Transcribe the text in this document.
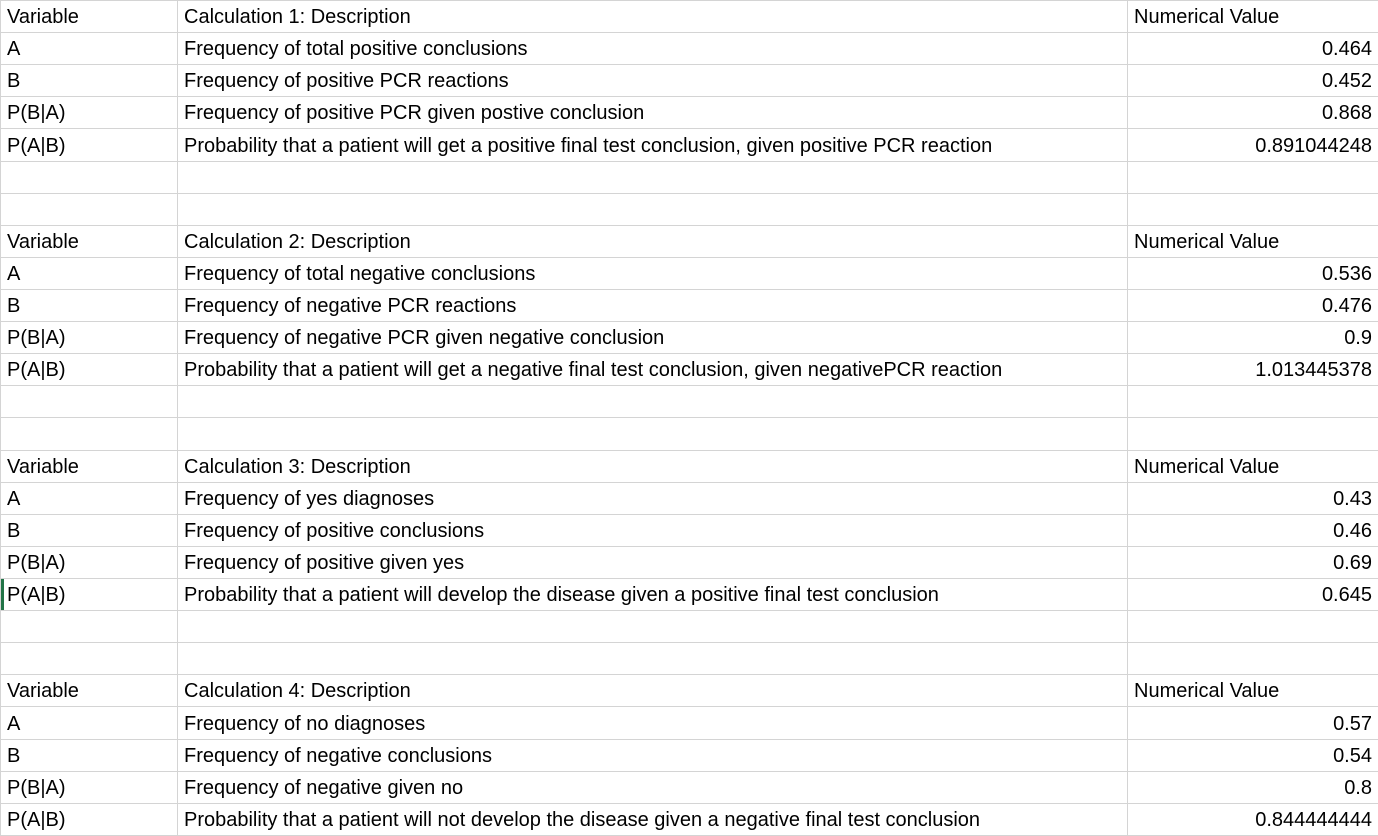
Variable	Calculation 1: Description	Numerical Value
A	Frequency of total positive conclusions	0.464
B	Frequency of positive PCR reactions	0.452
P(B|A)	Frequency of positive PCR given postive conclusion	0.868
P(A|B)	Probability that a patient will get a positive final test conclusion, given positive PCR reaction	0.891044248

Variable	Calculation 2: Description	Numerical Value
A	Frequency of total negative conclusions	0.536
B	Frequency of negative PCR reactions	0.476
P(B|A)	Frequency of negative PCR given negative conclusion	0.9
P(A|B)	Probability that a patient will get a negative final test conclusion, given negativePCR reaction	1.013445378

Variable	Calculation 3: Description	Numerical Value
A	Frequency of yes diagnoses	0.43
B	Frequency of positive conclusions	0.46
P(B|A)	Frequency of positive given yes	0.69
P(A|B)	Probability that a patient will develop the disease given a positive final test conclusion	0.645

Variable	Calculation 4: Description	Numerical Value
A	Frequency of no diagnoses	0.57
B	Frequency of negative conclusions	0.54
P(B|A)	Frequency of negative given no	0.8
P(A|B)	Probability that a patient will not develop the disease given a negative final test conclusion	0.844444444
